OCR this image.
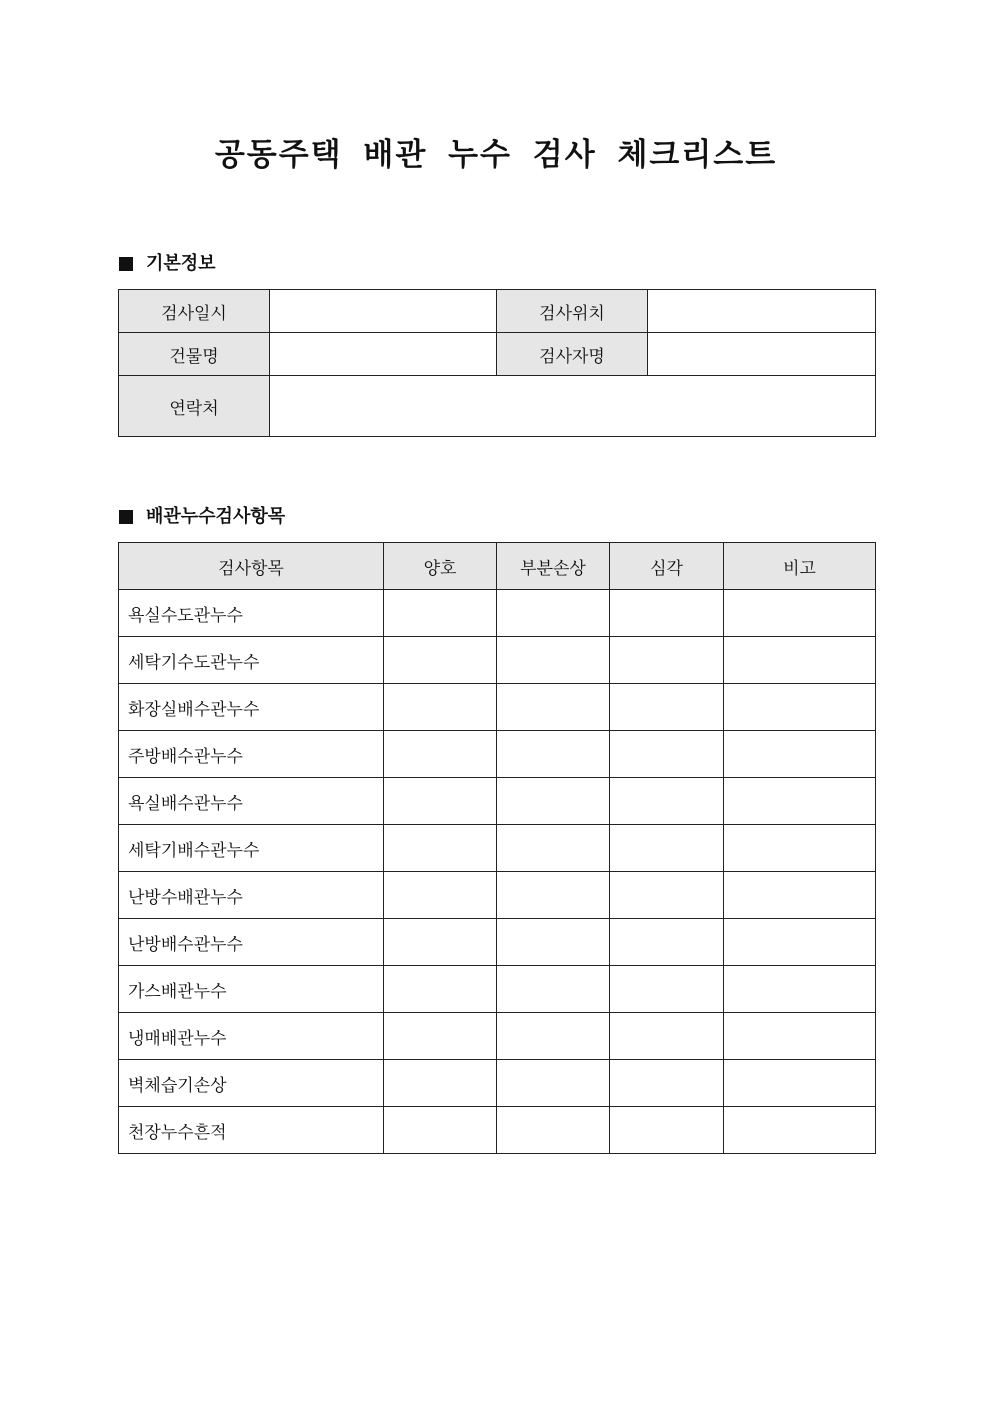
공동주택 배관 누수 검사 체크리스트
기본정보
검사일시		검사위치	
건물명		검사자명	
연락처			
배관누수검사항목
검사항목	양호	부분손상	심각	비고
욕실수도관누수				
세탁기수도관누수				
화장실배수관누수				
주방배수관누수				
욕실배수관누수				
세탁기배수관누수				
난방수배관누수				
난방배수관누수				
가스배관누수				
냉매배관누수				
벽체습기손상				
천장누수흔적				
